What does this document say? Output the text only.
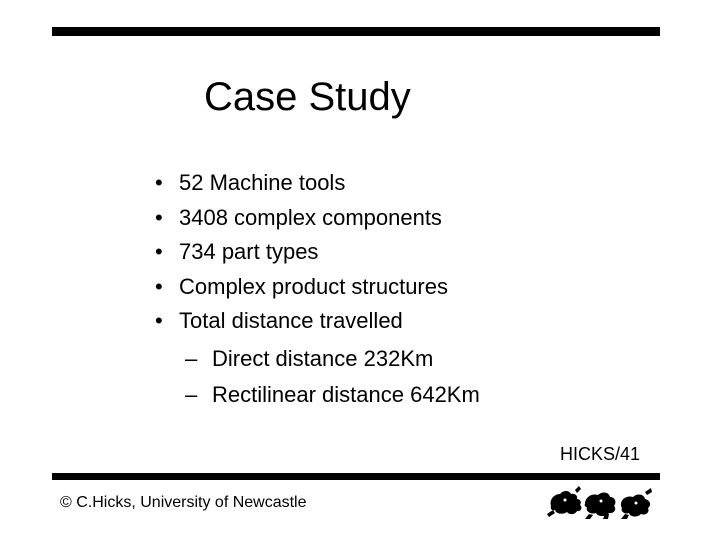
Case Study
• 52 Machine tools
• 3408 complex components
• 734 part types
• Complex product structures
• Total distance travelled
– Direct distance 232Km
– Rectilinear distance 642Km
HICKS/41
© C.Hicks, University of Newcastle
